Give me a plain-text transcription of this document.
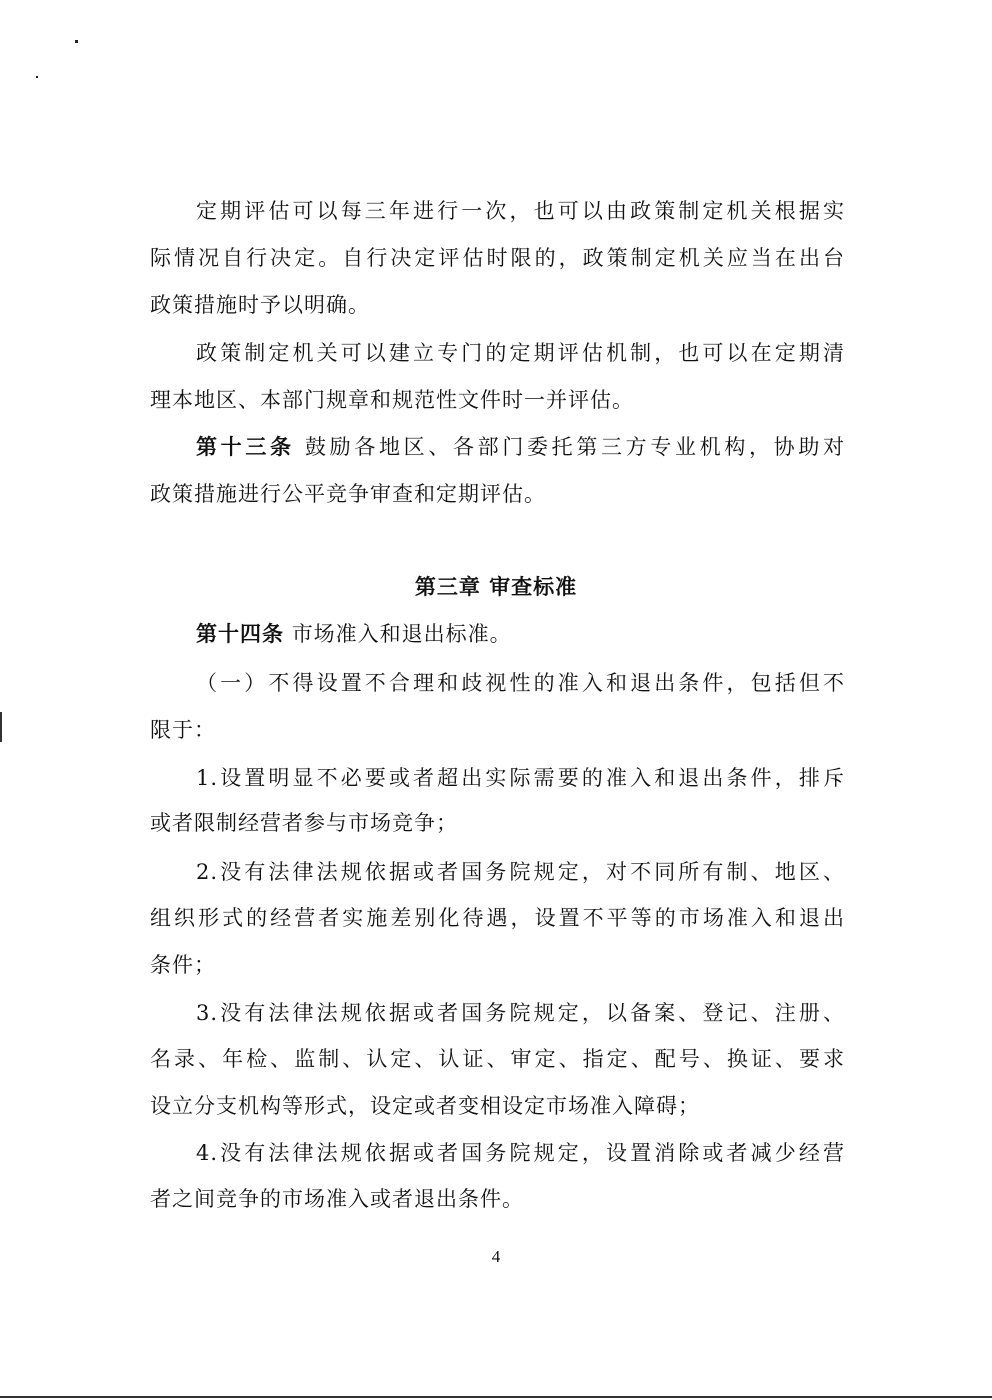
定期评估可以每三年进行一次，也可以由政策制定机关根据实
际情况自行决定。自行决定评估时限的，政策制定机关应当在出台
政策措施时予以明确。
政策制定机关可以建立专门的定期评估机制，也可以在定期清
理本地区、本部门规章和规范性文件时一并评估。
第十三条 鼓励各地区、各部门委托第三方专业机构，协助对
政策措施进行公平竞争审查和定期评估。
第三章 审查标准
第十四条 市场准入和退出标准。
（一）不得设置不合理和歧视性的准入和退出条件，包括但不
限于：
1.设置明显不必要或者超出实际需要的准入和退出条件，排斥
或者限制经营者参与市场竞争；
2.没有法律法规依据或者国务院规定，对不同所有制、地区、
组织形式的经营者实施差别化待遇，设置不平等的市场准入和退出
条件；
3.没有法律法规依据或者国务院规定，以备案、登记、注册、
名录、年检、监制、认定、认证、审定、指定、配号、换证、要求
设立分支机构等形式，设定或者变相设定市场准入障碍；
4.没有法律法规依据或者国务院规定，设置消除或者减少经营
者之间竞争的市场准入或者退出条件。
4
